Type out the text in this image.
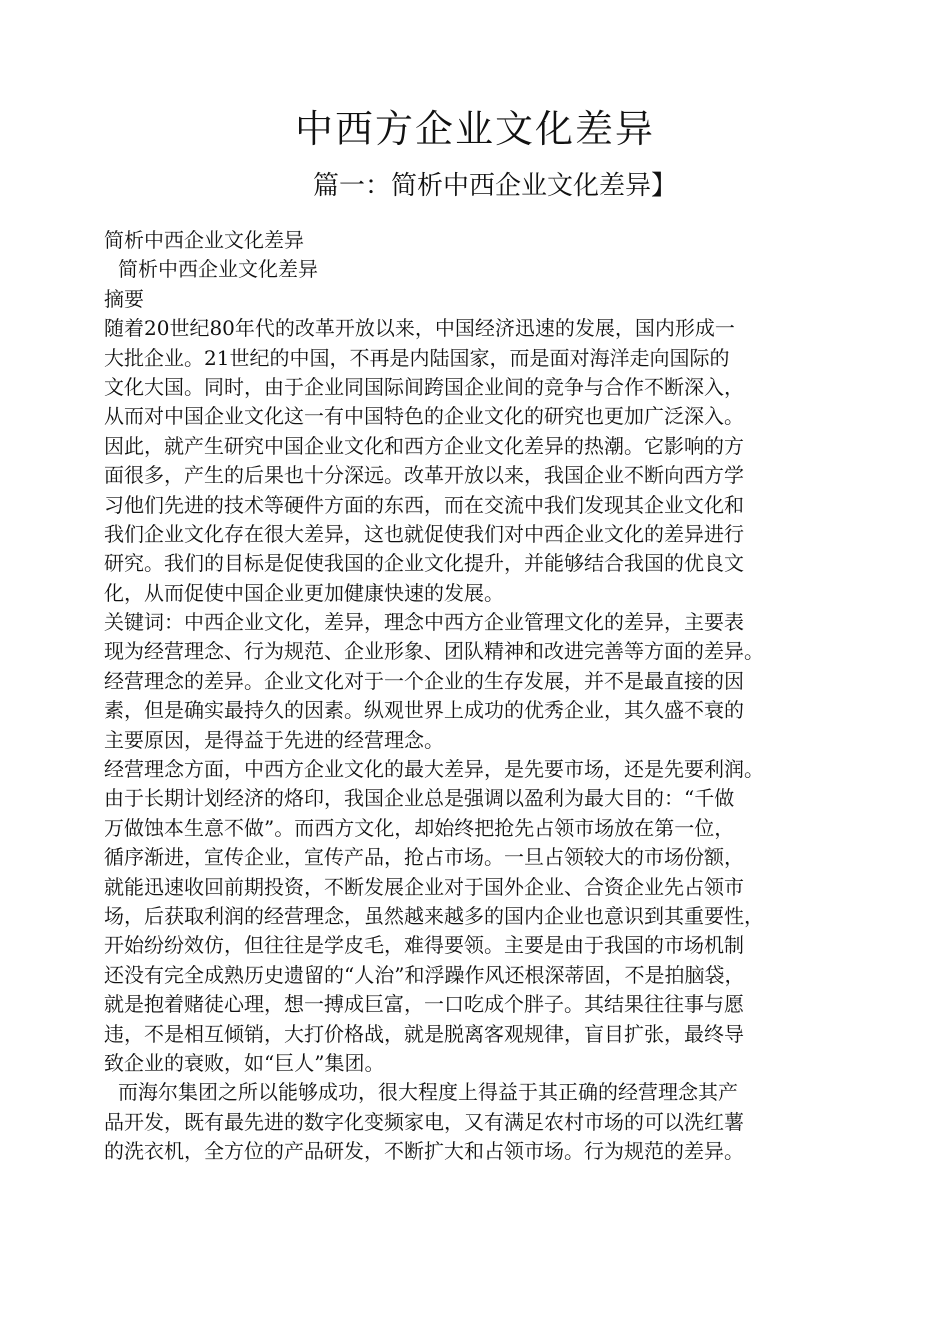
中西方企业文化差异
篇一：简析中西企业文化差异】
简析中西企业文化差异
简析中西企业文化差异
摘要
随着20世纪80年代的改革开放以来，中国经济迅速的发展，国内形成一
大批企业。21世纪的中国，不再是内陆国家，而是面对海洋走向国际的
文化大国。同时，由于企业同国际间跨国企业间的竞争与合作不断深入，
从而对中国企业文化这一有中国特色的企业文化的研究也更加广泛深入。
因此，就产生研究中国企业文化和西方企业文化差异的热潮。它影响的方
面很多，产生的后果也十分深远。改革开放以来，我国企业不断向西方学
习他们先进的技术等硬件方面的东西，而在交流中我们发现其企业文化和
我们企业文化存在很大差异，这也就促使我们对中西企业文化的差异进行
研究。我们的目标是促使我国的企业文化提升，并能够结合我国的优良文
化，从而促使中国企业更加健康快速的发展。
关键词：中西企业文化，差异，理念中西方企业管理文化的差异，主要表
现为经营理念、行为规范、企业形象、团队精神和改进完善等方面的差异。
经营理念的差异。企业文化对于一个企业的生存发展，并不是最直接的因
素，但是确实最持久的因素。纵观世界上成功的优秀企业，其久盛不衰的
主要原因，是得益于先进的经营理念。
经营理念方面，中西方企业文化的最大差异，是先要市场，还是先要利润。
由于长期计划经济的烙印，我国企业总是强调以盈利为最大目的：“千做
万做蚀本生意不做”。而西方文化，却始终把抢先占领市场放在第一位，
循序渐进，宣传企业，宣传产品，抢占市场。一旦占领较大的市场份额，
就能迅速收回前期投资，不断发展企业对于国外企业、合资企业先占领市
场，后获取利润的经营理念，虽然越来越多的国内企业也意识到其重要性，
开始纷纷效仿，但往往是学皮毛，难得要领。主要是由于我国的市场机制
还没有完全成熟历史遗留的“人治”和浮躁作风还根深蒂固，不是拍脑袋，
就是抱着赌徒心理，想一搏成巨富，一口吃成个胖子。其结果往往事与愿
违，不是相互倾销，大打价格战，就是脱离客观规律，盲目扩张，最终导
致企业的衰败，如“巨人”集团。
而海尔集团之所以能够成功，很大程度上得益于其正确的经营理念其产
品开发，既有最先进的数字化变频家电，又有满足农村市场的可以洗红薯
的洗衣机，全方位的产品研发，不断扩大和占领市场。行为规范的差异。
